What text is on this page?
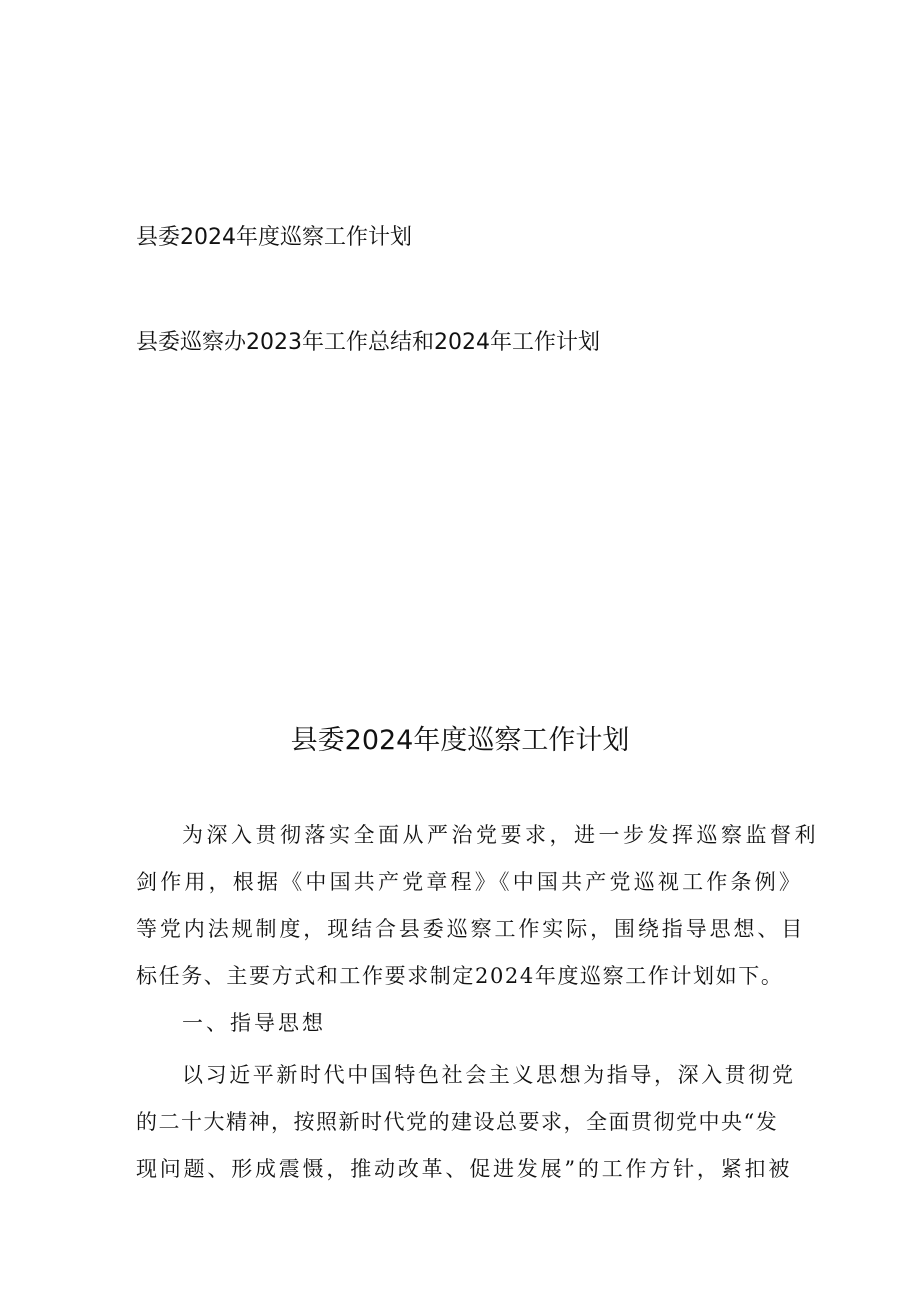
县委2024年度巡察工作计划
县委巡察办2023年工作总结和2024年工作计划
县委2024年度巡察工作计划
为深入贯彻落实全面从严治党要求，进一步发挥巡察监督利
剑作用，根据《中国共产党章程》《中国共产党巡视工作条例》
等党内法规制度，现结合县委巡察工作实际，围绕指导思想、目
标任务、主要方式和工作要求制定2024年度巡察工作计划如下。
一、指导思想
以习近平新时代中国特色社会主义思想为指导，深入贯彻党
的二十大精神，按照新时代党的建设总要求，全面贯彻党中央“发
现问题、形成震慑，推动改革、促进发展”的工作方针，紧扣被
